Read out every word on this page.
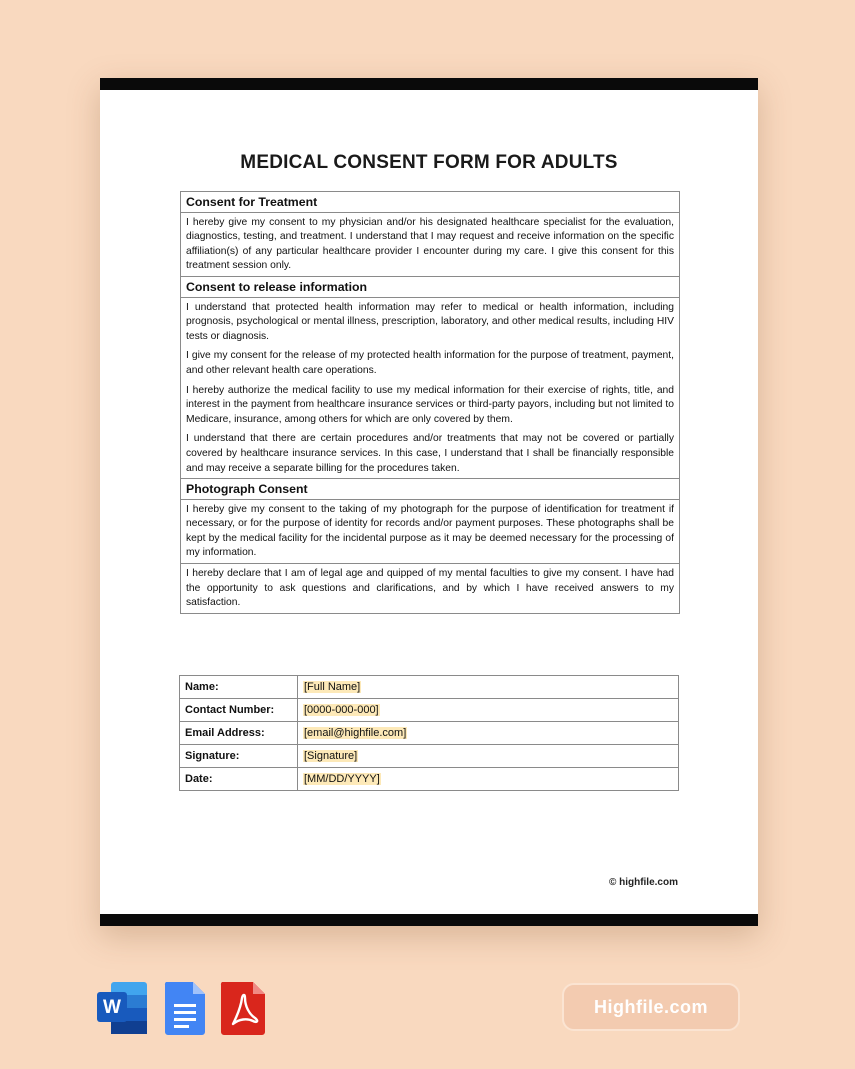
MEDICAL CONSENT FORM FOR ADULTS
Consent for Treatment

I hereby give my consent to my physician and/or his designated healthcare specialist for the evaluation, diagnostics, testing, and treatment. I understand that I may request and receive information on the specific affiliation(s) of any particular healthcare provider I encounter during my care. I give this consent for this treatment session only.

Consent to release information

I understand that protected health information may refer to medical or health information, including prognosis, psychological or mental illness, prescription, laboratory, and other medical results, including HIV tests or diagnosis.

I give my consent for the release of my protected health information for the purpose of treatment, payment, and other relevant health care operations.

I hereby authorize the medical facility to use my medical information for their exercise of rights, title, and interest in the payment from healthcare insurance services or third-party payors, including but not limited to Medicare, insurance, among others for which are only covered by them.

I understand that there are certain procedures and/or treatments that may not be covered or partially covered by healthcare insurance services. In this case, I understand that I shall be financially responsible and may receive a separate billing for the procedures taken.

Photograph Consent

I hereby give my consent to the taking of my photograph for the purpose of identification for treatment if necessary, or for the purpose of identity for records and/or payment purposes. These photographs shall be kept by the medical facility for the incidental purpose as it may be deemed necessary for the processing of my information.

I hereby declare that I am of legal age and quipped of my mental faculties to give my consent. I have had the opportunity to ask questions and clarifications, and by which I have received answers to my satisfaction.

Name:	[Full Name]
Contact Number:	[0000-000-000]
Email Address:	[email@highfile.com]
Signature:	[Signature]
Date:	[MM/DD/YYYY]
© highfile.com
W	Highfile.com
